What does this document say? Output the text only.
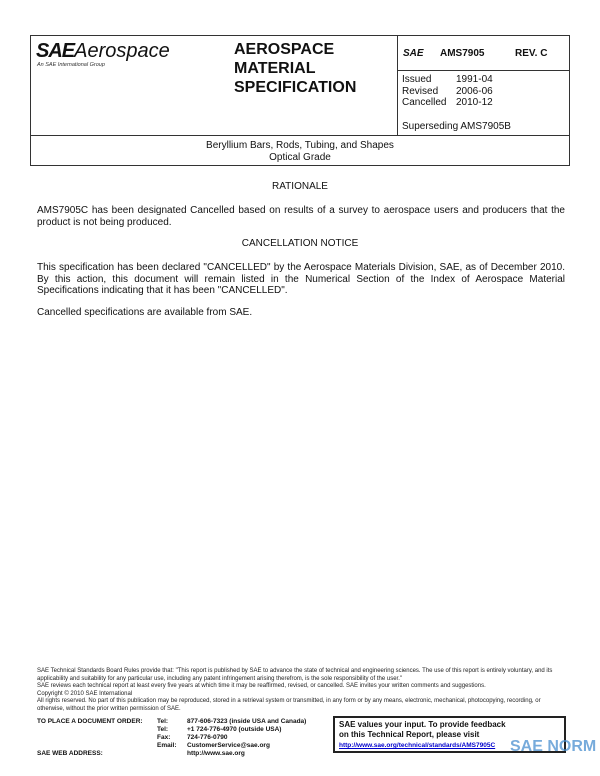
SAEAerospace
An SAE International Group
AEROSPACE
MATERIAL
SPECIFICATION
SAE AMS7905	REV. C
Issued	1991-04
Revised	2006-06
Cancelled	2010-12
Superseding AMS7905B
Beryllium Bars, Rods, Tubing, and Shapes
Optical Grade
RATIONALE
AMS7905C has been designated Cancelled based on results of a survey to aerospace users and producers that the product is not being produced.
CANCELLATION NOTICE
This specification has been declared "CANCELLED" by the Aerospace Materials Division, SAE, as of December 2010. By this action, this document will remain listed in the Numerical Section of the Index of Aerospace Material Specifications indicating that it has been "CANCELLED".
Cancelled specifications are available from SAE.
SAE Technical Standards Board Rules provide that: "This report is published by SAE to advance the state of technical and engineering sciences. The use of this report is entirely voluntary, and its applicability and suitability for any particular use, including any patent infringement arising therefrom, is the sole responsibility of the user."
SAE reviews each technical report at least every five years at which time it may be reaffirmed, revised, or cancelled. SAE invites your written comments and suggestions.
Copyright © 2010 SAE International
All rights reserved. No part of this publication may be reproduced, stored in a retrieval system or transmitted, in any form or by any means, electronic, mechanical, photocopying, recording, or otherwise, without the prior written permission of SAE.
TO PLACE A DOCUMENT ORDER:	Tel:	877-606-7323 (inside USA and Canada)
	Tel:	+1 724-776-4970 (outside USA)
	Fax:	724-776-0790
	Email:	CustomerService@sae.org
SAE WEB ADDRESS:		http://www.sae.org
SAE values your input. To provide feedback
on this Technical Report, please visit
http://www.sae.org/technical/standards/AMS7905C SAE NORM
